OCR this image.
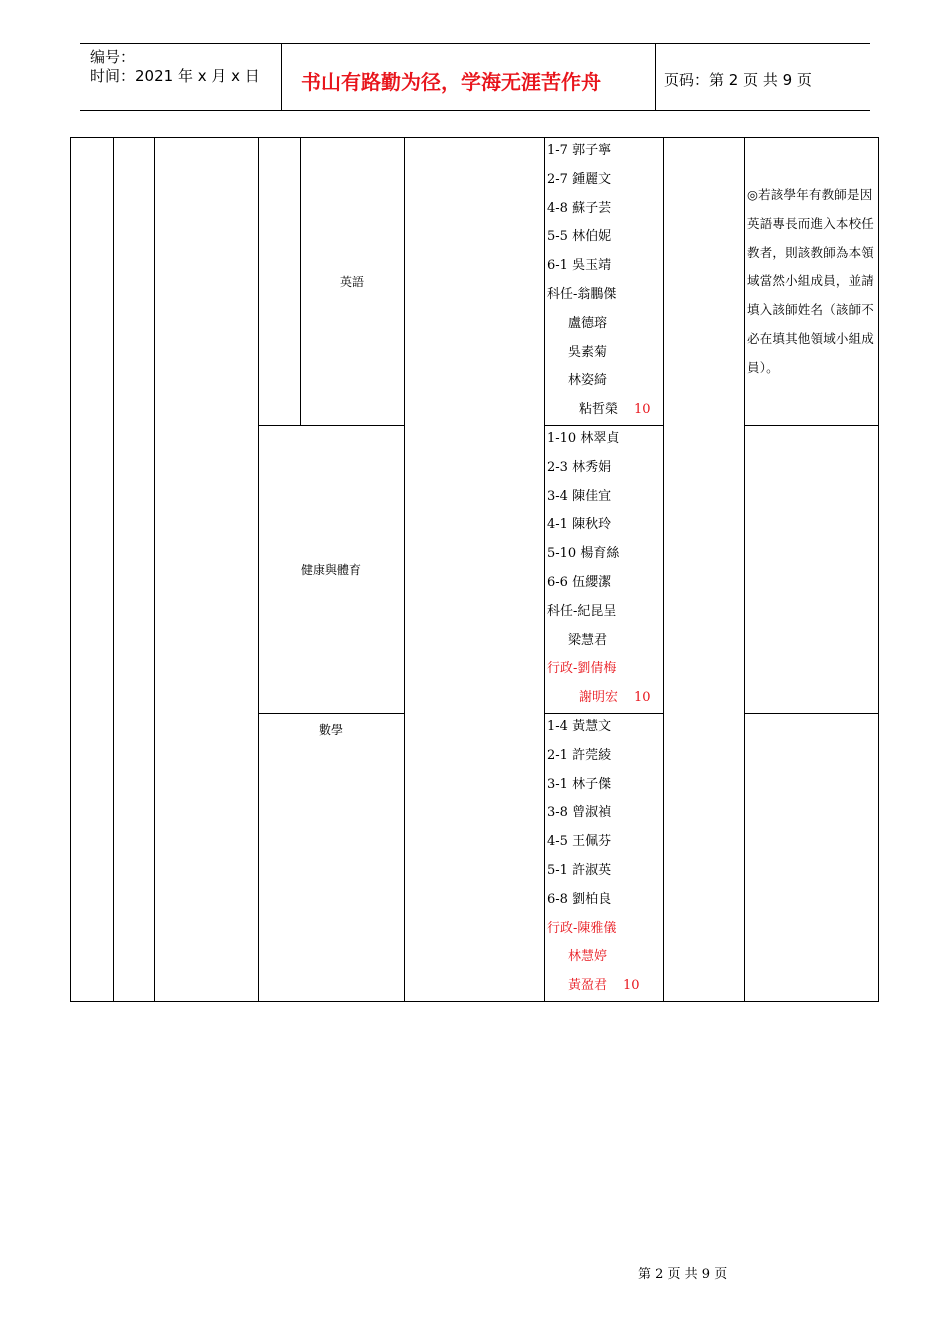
编号：
时间：2021 年 x 月 x 日 书山有路勤为径，学海无涯苦作舟	页码：第 2 页 共 9 页
英語
1-7 郭子寧
2-7 鍾麗文
4-8 蘇子芸
5-5 林伯妮
6-1 吳玉靖
科任-翁鵬傑
盧德瑢
吳素菊
林姿綺
粘哲榮 10
◎若該學年有教師是因英語專長而進入本校任教者，則該教師為本領域當然小組成員，並請填入該師姓名（該師不必在填其他領域小組成員）。
健康與體育
1-10 林翠貞
2-3 林秀娟
3-4 陳佳宜
4-1 陳秋玲
5-10 楊育絲
6-6 伍纓潔
科任-紀昆呈
梁慧君
行政-劉倩梅
謝明宏 10
數學	1-4 黃慧文
2-1 許莞綾
3-1 林子傑
3-8 曾淑禎
4-5 王佩芬
5-1 許淑英
6-8 劉柏良
行政-陳雅儀
林慧婷
黃盈君 10
第 2 页 共 9 页
